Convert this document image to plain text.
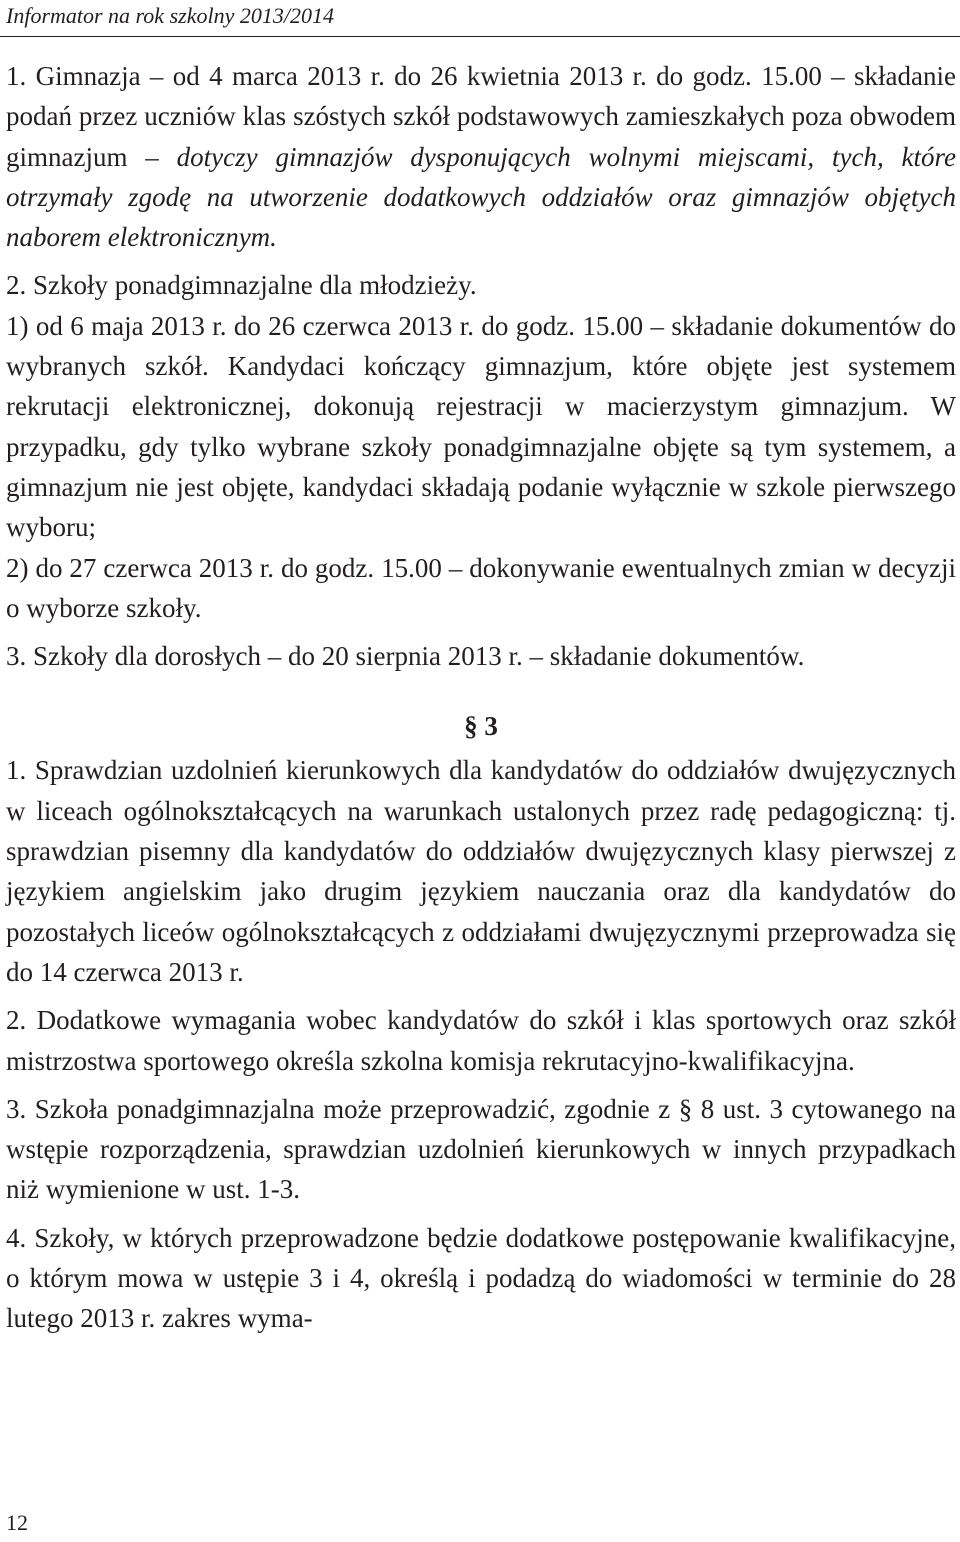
Informator na rok szkolny 2013/2014

1. Gimnazja – od 4 marca 2013 r. do 26 kwietnia 2013 r. do godz. 15.00 – składanie podań przez uczniów klas szóstych szkół podstawowych zamieszkałych poza obwodem gimnazjum – dotyczy gimnazjów dysponujących wolnymi miejscami, tych, które otrzymały zgodę na utworzenie dodatkowych oddziałów oraz gimnazjów objętych naborem elektronicznym.

2. Szkoły ponadgimnazjalne dla młodzieży.

1) od 6 maja 2013 r. do 26 czerwca 2013 r. do godz. 15.00 – składanie dokumentów do wybranych szkół. Kandydaci kończący gimnazjum, które objęte jest systemem rekrutacji elektronicznej, dokonują rejestracji w macierzystym gimnazjum. W przypadku, gdy tylko wybrane szkoły ponadgimnazjalne objęte są tym systemem, a gimnazjum nie jest objęte, kandydaci składają podanie wyłącznie w szkole pierwszego wyboru;

2) do 27 czerwca 2013 r. do godz. 15.00 – dokonywanie ewentualnych zmian w decyzji o wyborze szkoły.

3. Szkoły dla dorosłych – do 20 sierpnia 2013 r. – składanie dokumentów.

§ 3

1. Sprawdzian uzdolnień kierunkowych dla kandydatów do oddziałów dwujęzycznych w liceach ogólnokształcących na warunkach ustalonych przez radę pedagogiczną: tj. sprawdzian pisemny dla kandydatów do oddziałów dwujęzycznych klasy pierwszej z językiem angielskim jako drugim językiem nauczania oraz dla kandydatów do pozostałych liceów ogólnokształcących z oddziałami dwujęzycznymi przeprowadza się do 14 czerwca 2013 r.

2. Dodatkowe wymagania wobec kandydatów do szkół i klas sportowych oraz szkół mistrzostwa sportowego określa szkolna komisja rekrutacyjno-kwalifikacyjna.

3. Szkoła ponadgimnazjalna może przeprowadzić, zgodnie z § 8 ust. 3 cytowanego na wstępie rozporządzenia, sprawdzian uzdolnień kierunkowych w innych przypadkach niż wymienione w ust. 1-3.

4. Szkoły, w których przeprowadzone będzie dodatkowe postępowanie kwalifikacyjne, o którym mowa w ustępie 3 i 4, określą i podadzą do wiadomości w terminie do 28 lutego 2013 r. zakres wyma-

12
